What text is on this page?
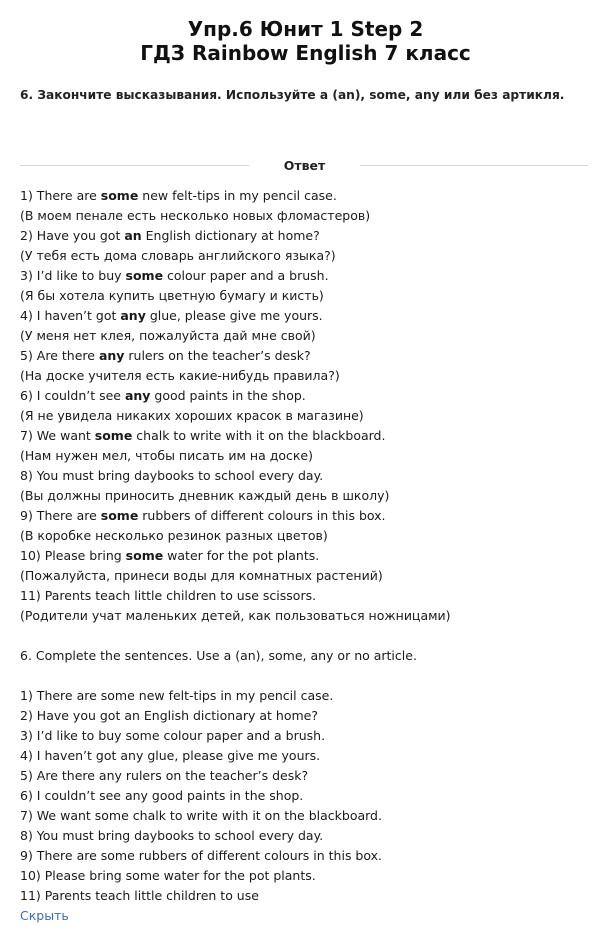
Упр.6 Юнит 1 Step 2
ГДЗ Rainbow English 7 класс
6. Закончите высказывания. Используйте a (an), some, any или без артикля.
Ответ
1) There are some new felt-tips in my pencil case.
(В моем пенале есть несколько новых фломастеров)
2) Have you got an English dictionary at home?
(У тебя есть дома словарь английского языка?)
3) I’d like to buy some colour paper and a brush.
(Я бы хотела купить цветную бумагу и кисть)
4) I haven’t got any glue, please give me yours.
(У меня нет клея, пожалуйста дай мне свой)
5) Are there any rulers on the teacher’s desk?
(На доске учителя есть какие-нибудь правила?)
6) I couldn’t see any good paints in the shop.
(Я не увидела никаких хороших красок в магазине)
7) We want some chalk to write with it on the blackboard.
(Нам нужен мел, чтобы писать им на доске)
8) You must bring daybooks to school every day.
(Вы должны приносить дневник каждый день в школу)
9) There are some rubbers of different colours in this box.
(В коробке несколько резинок разных цветов)
10) Please bring some water for the pot plants.
(Пожалуйста, принеси воды для комнатных растений)
11) Parents teach little children to use scissors.
(Родители учат маленьких детей, как пользоваться ножницами)
6. Complete the sentences. Use a (an), some, any or no article.
1) There are some new felt-tips in my pencil case.
2) Have you got an English dictionary at home?
3) I’d like to buy some colour paper and a brush.
4) I haven’t got any glue, please give me yours.
5) Are there any rulers on the teacher’s desk?
6) I couldn’t see any good paints in the shop.
7) We want some chalk to write with it on the blackboard.
8) You must bring daybooks to school every day.
9) There are some rubbers of different colours in this box.
10) Please bring some water for the pot plants.
11) Parents teach little children to use
Скрыть
